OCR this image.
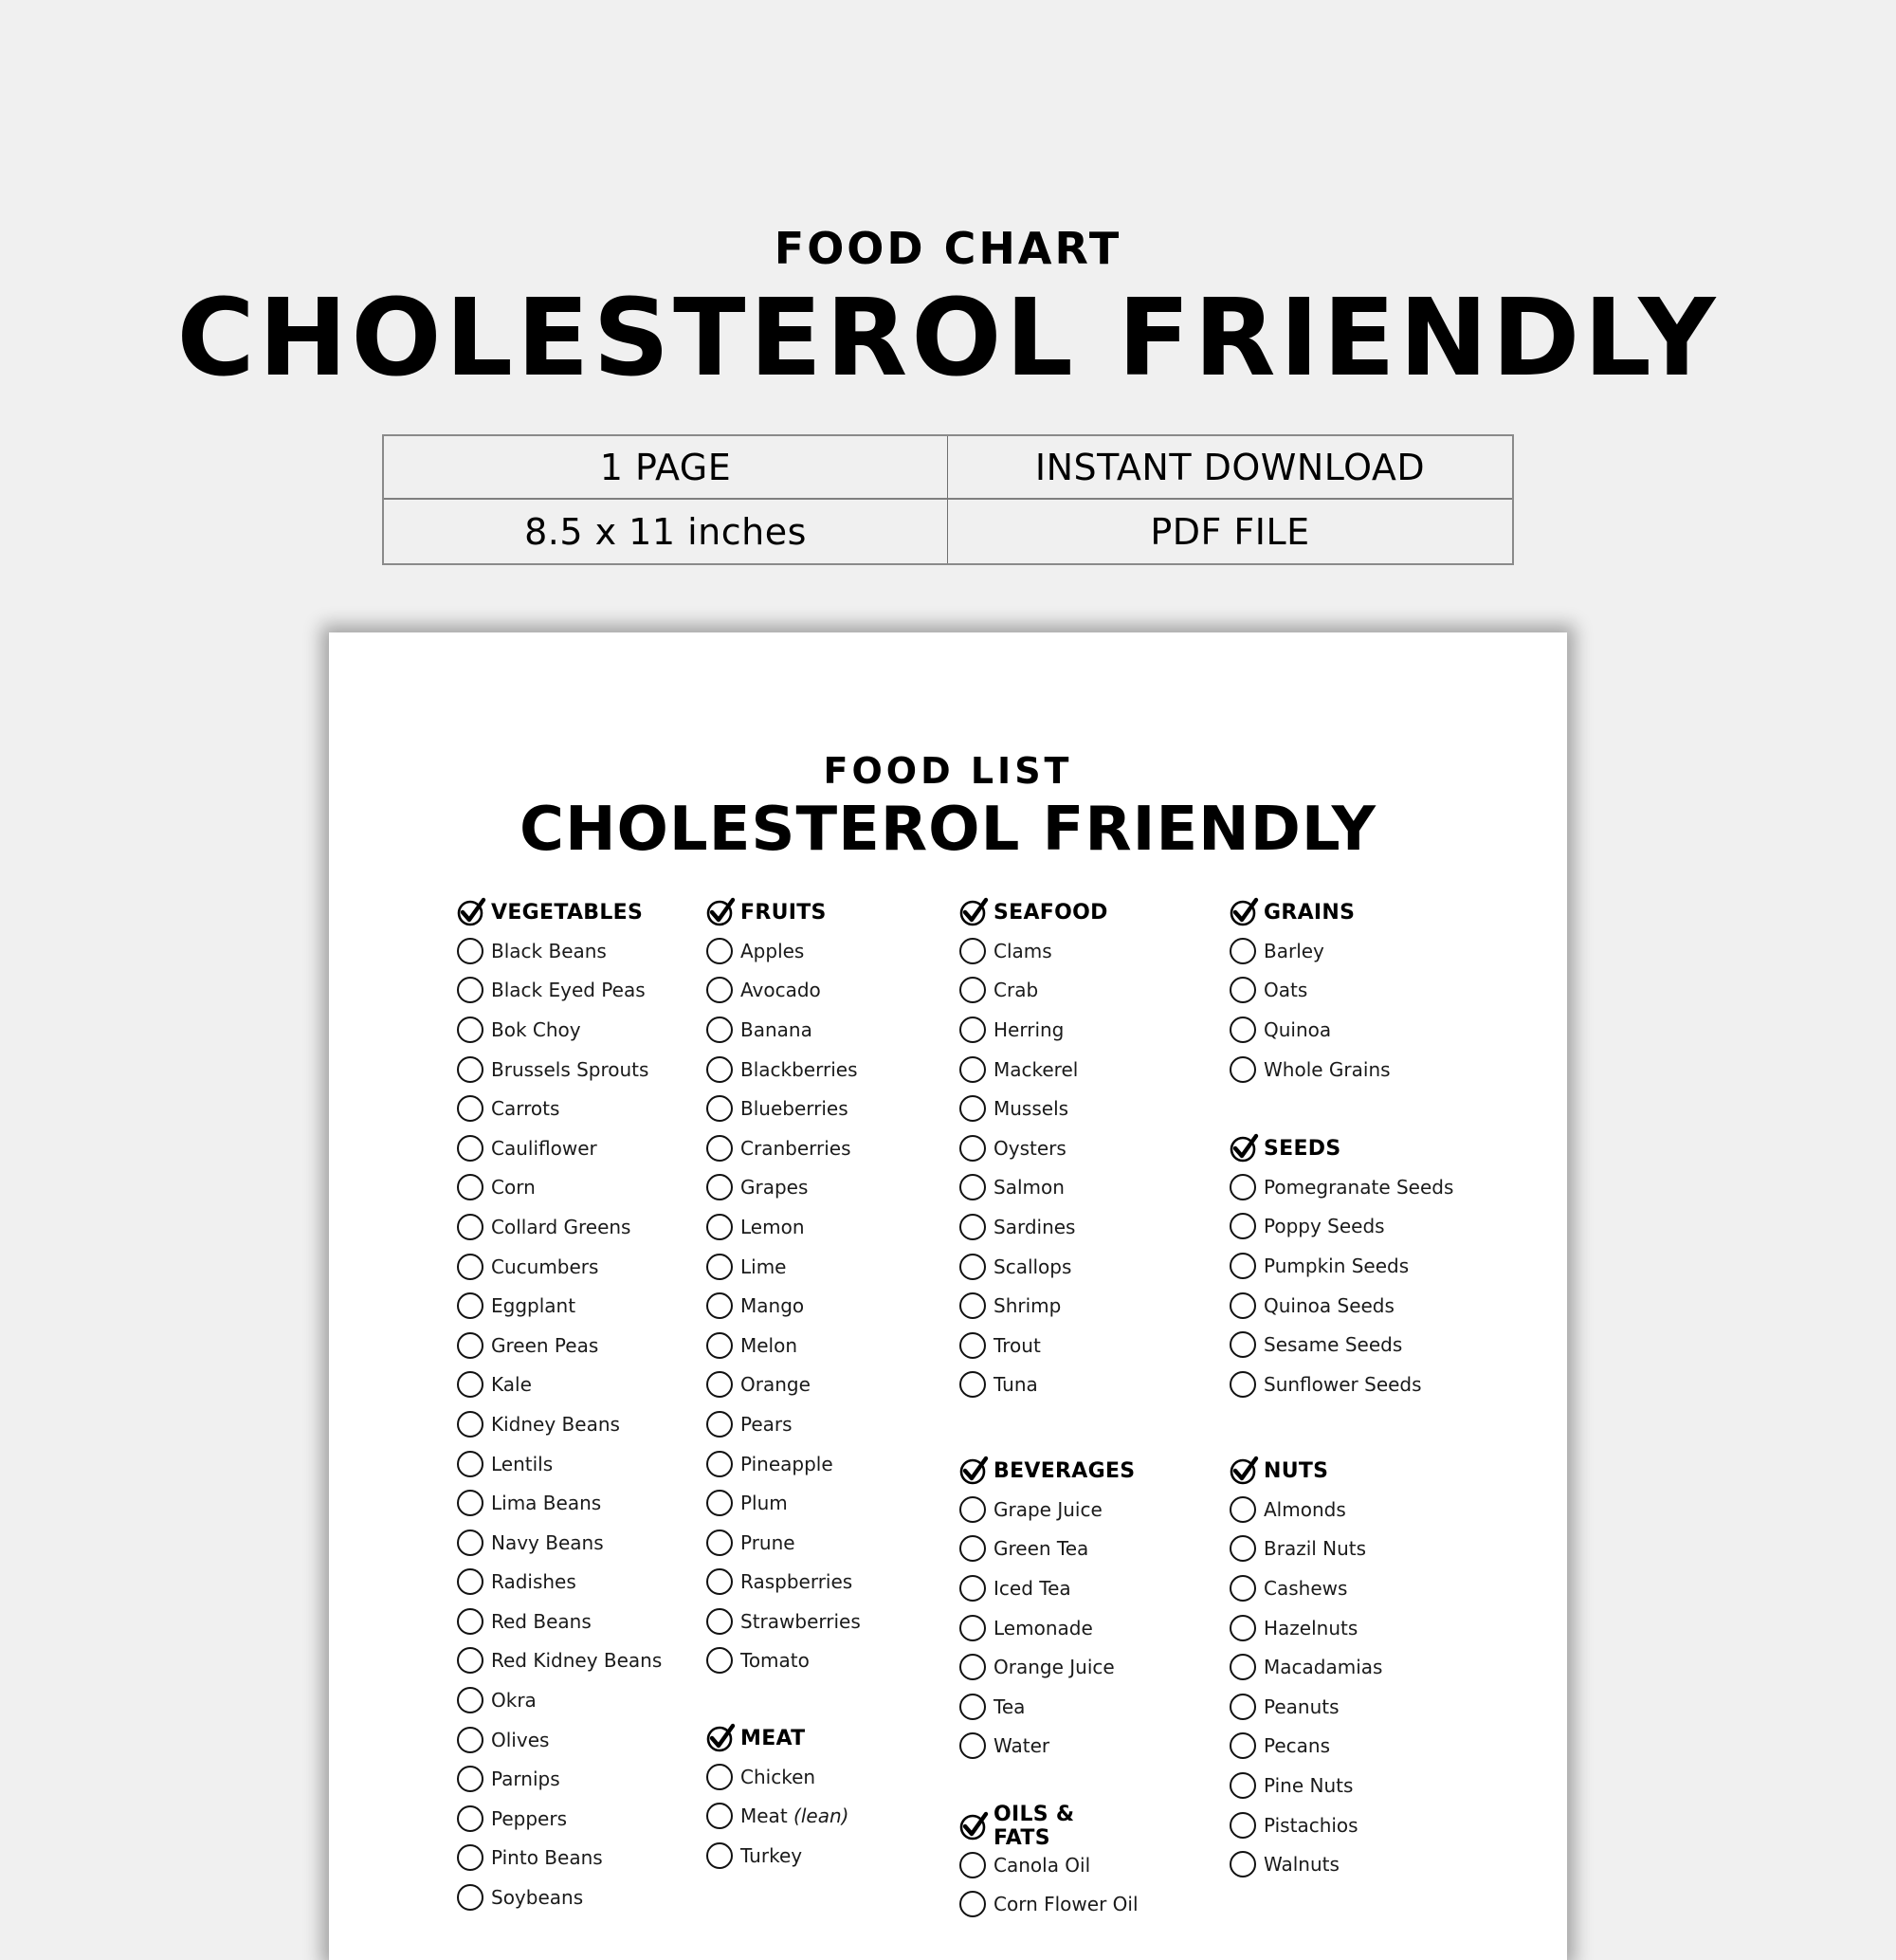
FOOD CHART
CHOLESTEROL FRIENDLY
1 PAGE	INSTANT DOWNLOAD
8.5 x 11 inches	PDF FILE
FOOD LIST
CHOLESTEROL FRIENDLY
VEGETABLES
Black Beans
Black Eyed Peas
Bok Choy
Brussels Sprouts
Carrots
Cauliflower
Corn
Collard Greens
Cucumbers
Eggplant
Green Peas
Kale
Kidney Beans
Lentils
Lima Beans
Navy Beans
Radishes
Red Beans
Red Kidney Beans
Okra
Olives
Parnips
Peppers
Pinto Beans
Soybeans
FRUITS
Apples
Avocado
Banana
Blackberries
Blueberries
Cranberries
Grapes
Lemon
Lime
Mango
Melon
Orange
Pears
Pineapple
Plum
Prune
Raspberries
Strawberries
Tomato
MEAT
Chicken
Meat (lean)
Turkey
SEAFOOD
Clams
Crab
Herring
Mackerel
Mussels
Oysters
Salmon
Sardines
Scallops
Shrimp
Trout
Tuna
BEVERAGES
Grape Juice
Green Tea
Iced Tea
Lemonade
Orange Juice
Tea
Water
OILS & FATS
Canola Oil
Corn Flower Oil
GRAINS
Barley
Oats
Quinoa
Whole Grains
SEEDS
Pomegranate Seeds
Poppy Seeds
Pumpkin Seeds
Quinoa Seeds
Sesame Seeds
Sunflower Seeds
NUTS
Almonds
Brazil Nuts
Cashews
Hazelnuts
Macadamias
Peanuts
Pecans
Pine Nuts
Pistachios
Walnuts
